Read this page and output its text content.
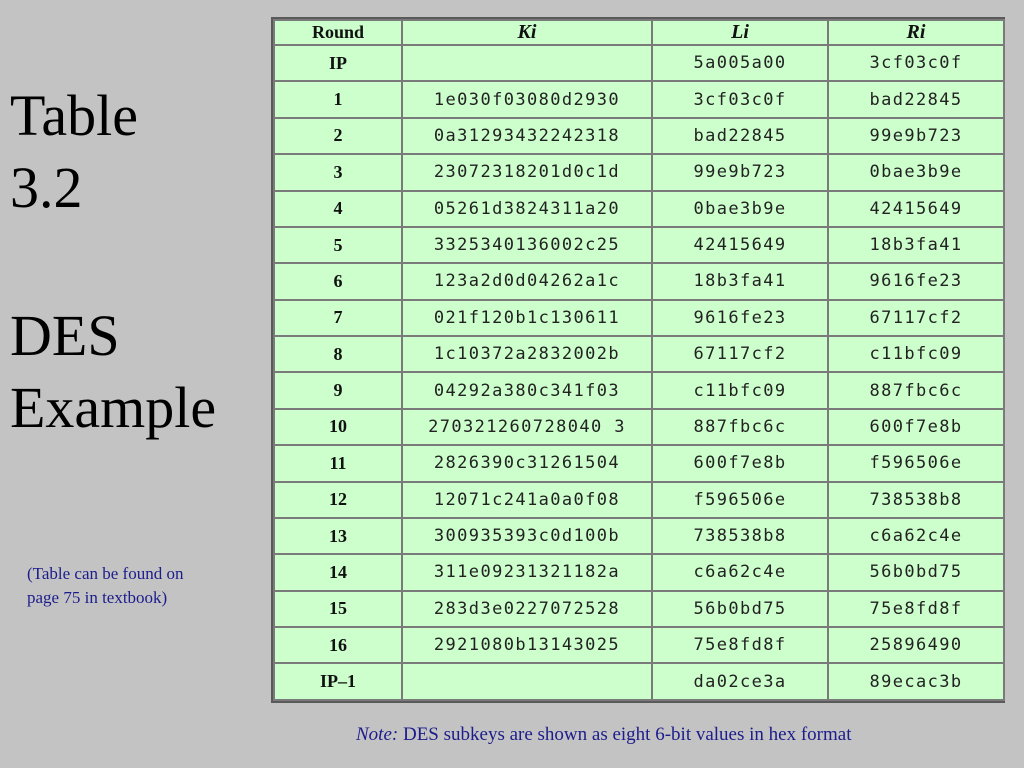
Table
3.2
DES
Example
(Table can be found on
page 75 in textbook)
Round	Ki	Li	Ri
IP		5a005a00	3cf03c0f
1	1e030f03080d2930	3cf03c0f	bad22845
2	0a31293432242318	bad22845	99e9b723
3	23072318201d0c1d	99e9b723	0bae3b9e
4	05261d3824311a20	0bae3b9e	42415649
5	3325340136002c25	42415649	18b3fa41
6	123a2d0d04262a1c	18b3fa41	9616fe23
7	021f120b1c130611	9616fe23	67117cf2
8	1c10372a2832002b	67117cf2	c11bfc09
9	04292a380c341f03	c11bfc09	887fbc6c
10	270321260728040 3	887fbc6c	600f7e8b
11	2826390c31261504	600f7e8b	f596506e
12	12071c241a0a0f08	f596506e	738538b8
13	300935393c0d100b	738538b8	c6a62c4e
14	311e09231321182a	c6a62c4e	56b0bd75
15	283d3e0227072528	56b0bd75	75e8fd8f
16	2921080b13143025	75e8fd8f	25896490
IP–1		da02ce3a	89ecac3b
Note: DES subkeys are shown as eight 6-bit values in hex format
